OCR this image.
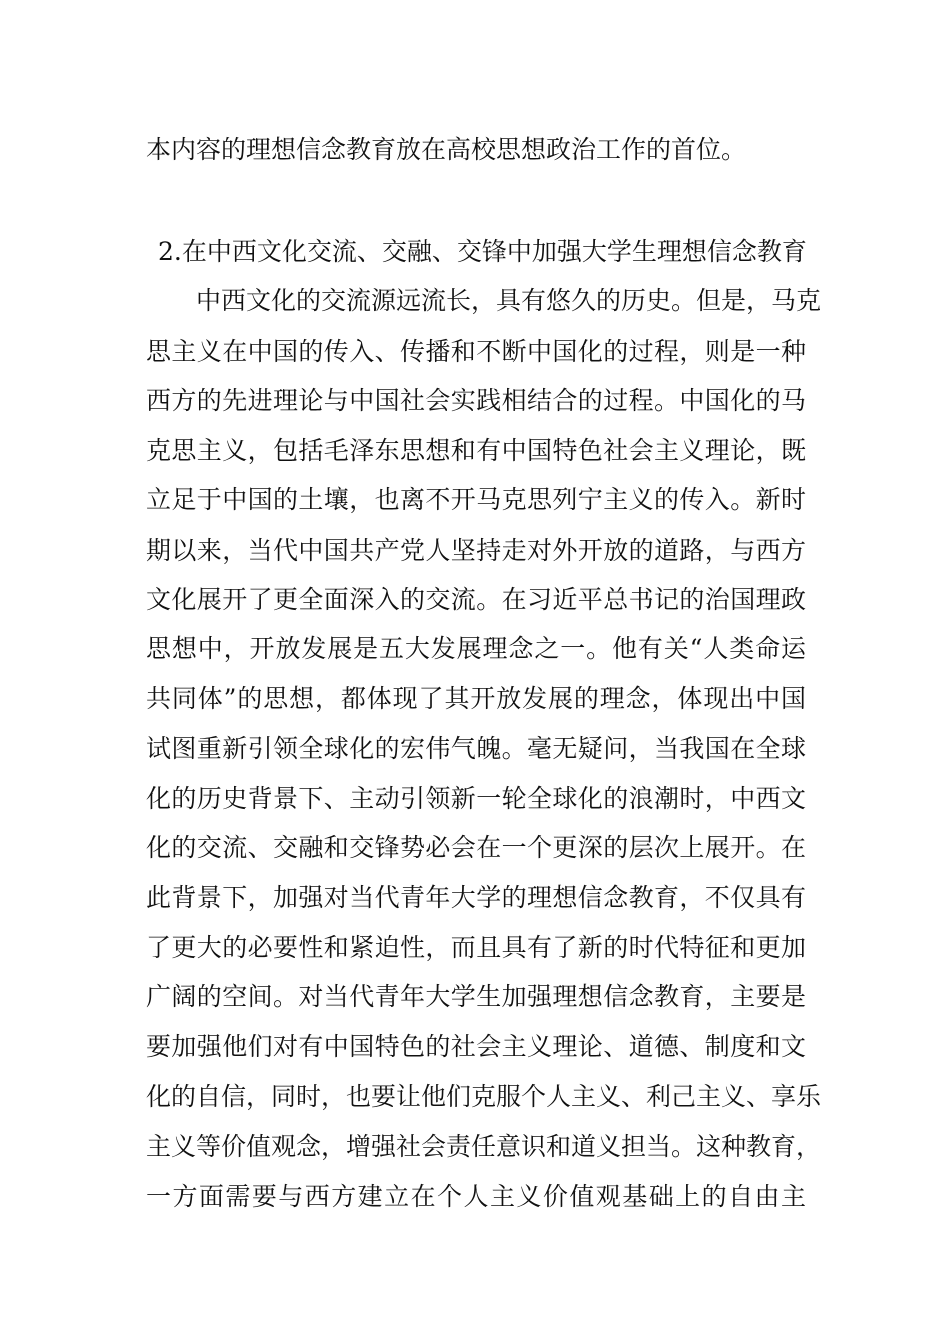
本内容的理想信念教育放在高校思想政治工作的首位。
2.在中西文化交流、交融、交锋中加强大学生理想信念教育
中西文化的交流源远流长，具有悠久的历史。但是，马克
思主义在中国的传入、传播和不断中国化的过程，则是一种
西方的先进理论与中国社会实践相结合的过程。中国化的马
克思主义，包括毛泽东思想和有中国特色社会主义理论，既
立足于中国的土壤，也离不开马克思列宁主义的传入。新时
期以来，当代中国共产党人坚持走对外开放的道路，与西方
文化展开了更全面深入的交流。在习近平总书记的治国理政
思想中，开放发展是五大发展理念之一。他有关“人类命运
共同体”的思想，都体现了其开放发展的理念，体现出中国
试图重新引领全球化的宏伟气魄。毫无疑问，当我国在全球
化的历史背景下、主动引领新一轮全球化的浪潮时，中西文
化的交流、交融和交锋势必会在一个更深的层次上展开。在
此背景下，加强对当代青年大学的理想信念教育，不仅具有
了更大的必要性和紧迫性，而且具有了新的时代特征和更加
广阔的空间。对当代青年大学生加强理想信念教育，主要是
要加强他们对有中国特色的社会主义理论、道德、制度和文
化的自信，同时，也要让他们克服个人主义、利己主义、享乐
主义等价值观念，增强社会责任意识和道义担当。这种教育，
一方面需要与西方建立在个人主义价值观基础上的自由主
